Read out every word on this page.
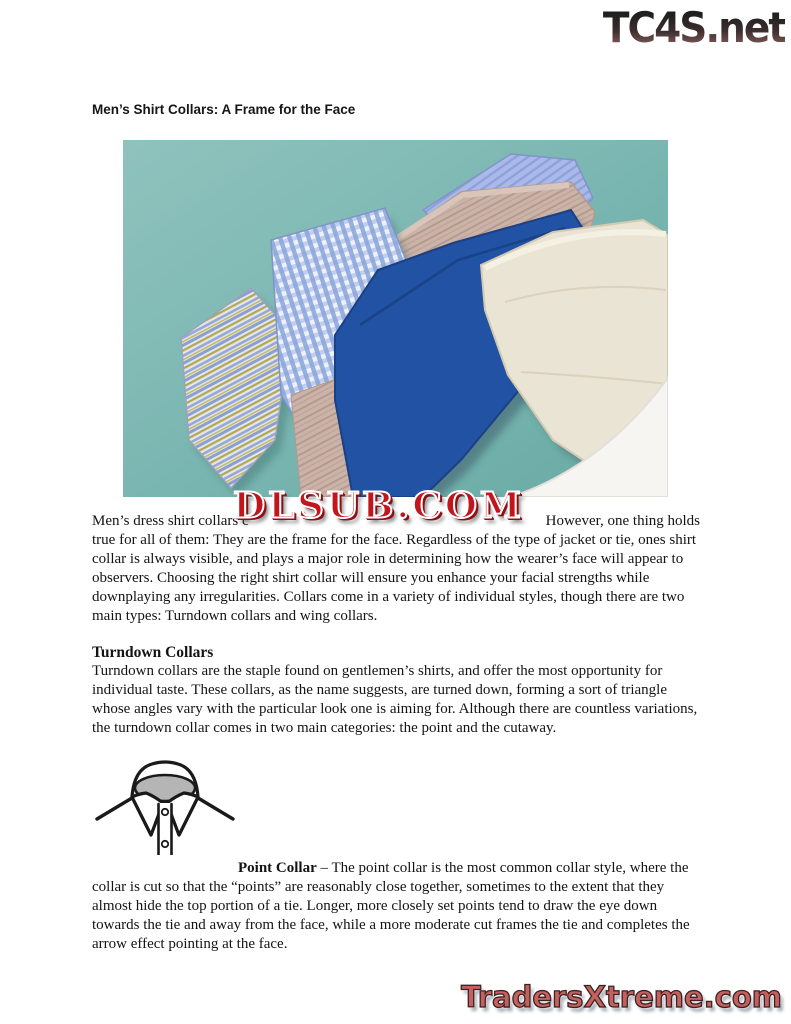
TC4S.net
Men’s Shirt Collars: A Frame for the Face
DLSUB.COM
Men’s dress shirt collars c	However, one thing holds
true for all of them: They are the frame for the face. Regardless of the type of jacket or tie, ones shirt collar is always visible, and plays a major role in determining how the wearer’s face will appear to observers. Choosing the right shirt collar will ensure you enhance your facial strengths while downplaying any irregularities. Collars come in a variety of individual styles, though there are two main types: Turndown collars and wing collars.
Turndown Collars

Turndown collars are the staple found on gentlemen’s shirts, and offer the most opportunity for individual taste. These collars, as the name suggests, are turned down, forming a sort of triangle whose angles vary with the particular look one is aiming for. Although there are countless variations, the turndown collar comes in two main categories: the point and the cutaway.

Point Collar – The point collar is the most common collar style, where the collar is cut so that the “points” are reasonably close together, sometimes to the extent that they almost hide the top portion of a tie. Longer, more closely set points tend to draw the eye down towards the tie and away from the face, while a more moderate cut frames the tie and completes the arrow effect pointing at the face.

TradersXtreme.com
